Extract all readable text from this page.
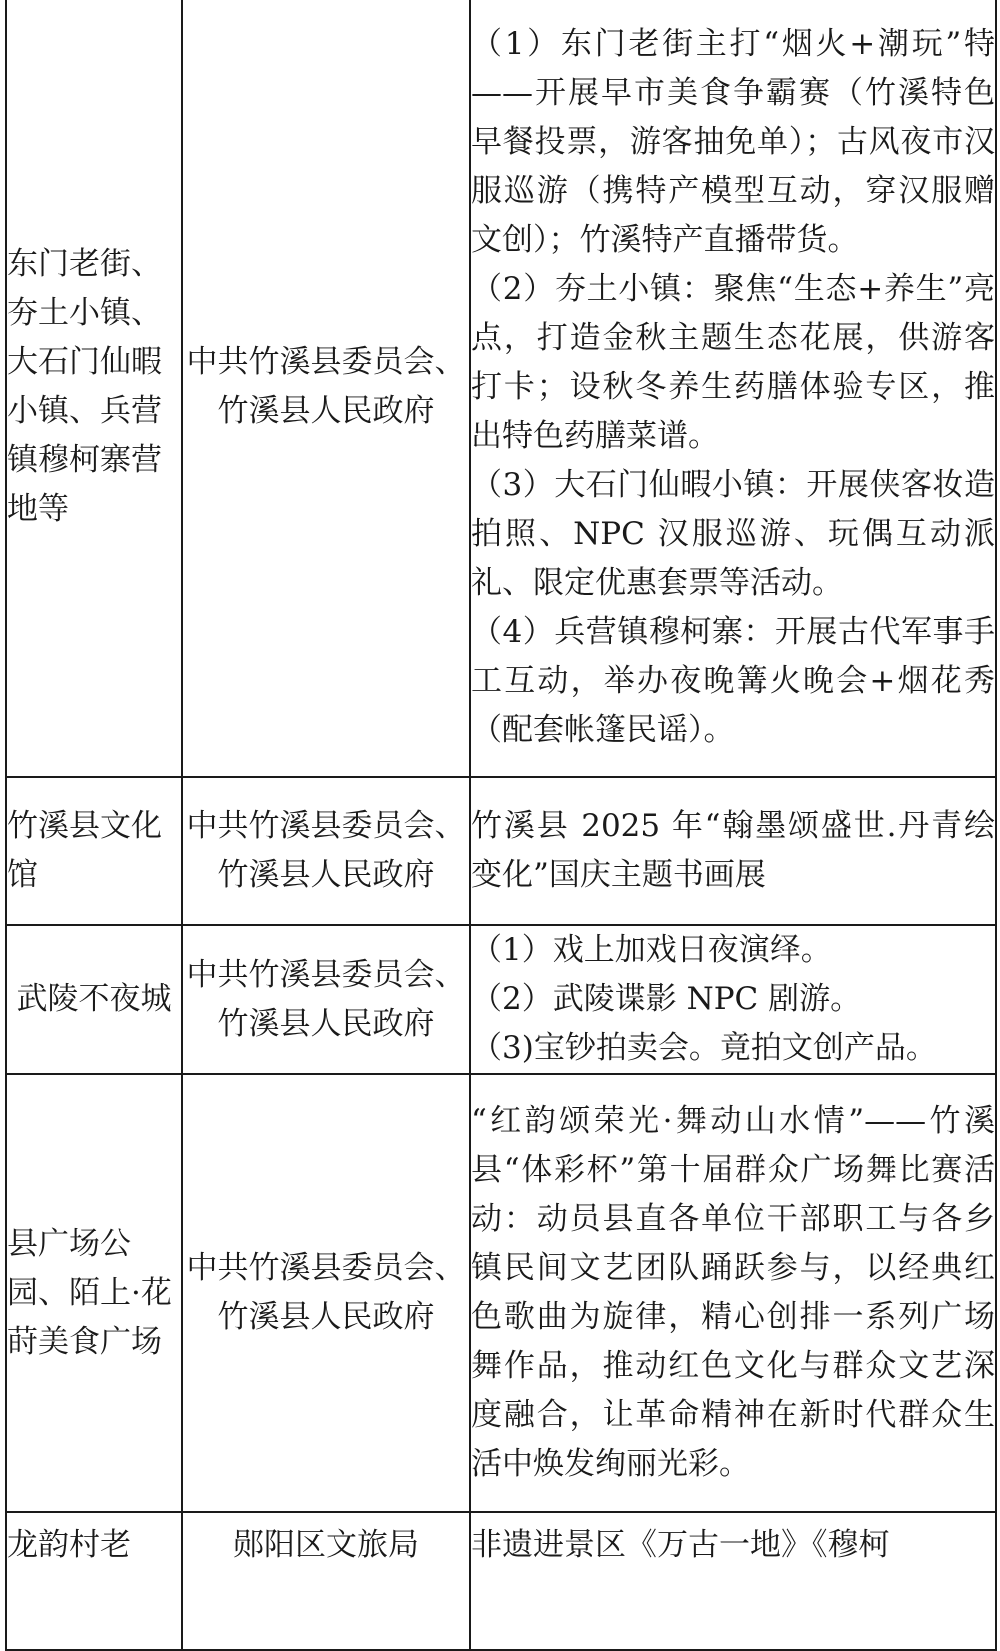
东门老街、夯土小镇、大石门仙暇小镇、兵营镇穆柯寨营地等	中共竹溪县委员会、竹溪县人民政府	（1）东门老街主打“烟火+潮玩”特——开展早市美食争霸赛（竹溪特色早餐投票，游客抽免单）；古风夜市汉服巡游（携特产模型互动，穿汉服赠文创）；竹溪特产直播带货。

（2）夯土小镇：聚焦“生态+养生”亮点，打造金秋主题生态花展，供游客打卡；设秋冬养生药膳体验专区，推出特色药膳菜谱。

（3）大石门仙暇小镇：开展侠客妆造拍照、NPC 汉服巡游、玩偶互动派礼、限定优惠套票等活动。

（4）兵营镇穆柯寨：开展古代军事手工互动，举办夜晚篝火晚会+烟花秀（配套帐篷民谣）。

竹溪县文化馆	中共竹溪县委员会、竹溪县人民政府	竹溪县 2025 年“翰墨颂盛世.丹青绘变化”国庆主题书画展

武陵不夜城	中共竹溪县委员会、竹溪县人民政府	（1）戏上加戏日夜演绎。

（2）武陵谍影 NPC 剧游。

（3)宝钞拍卖会。竟拍文创产品。

县广场公园、陌上·花莳美食广场	中共竹溪县委员会、竹溪县人民政府	“红韵颂荣光·舞动山水情”——竹溪县“体彩杯”第十届群众广场舞比赛活动：动员县直各单位干部职工与各乡镇民间文艺团队踊跃参与，以经典红色歌曲为旋律，精心创排一系列广场舞作品，推动红色文化与群众文艺深度融合，让革命精神在新时代群众生活中焕发绚丽光彩。

龙韵村老	郧阳区文旅局	非遗进景区《万古一地》《穆柯
